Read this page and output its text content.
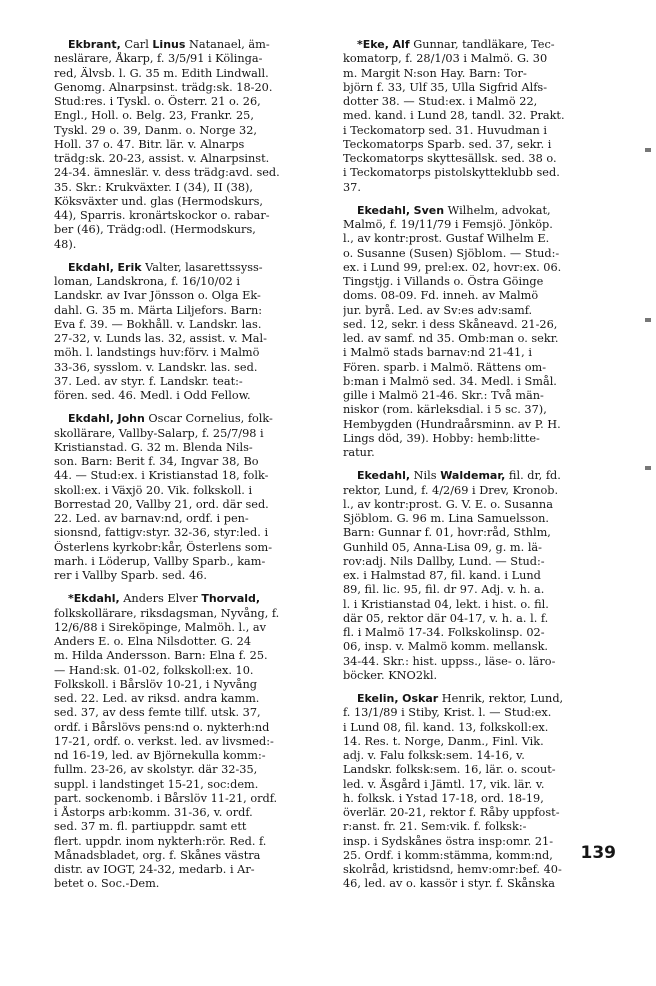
Ekbrant, Carl Linus Natanael, äm-
neslärare, Åkarp, f. 3/5/91 i Kölinga-
red, Älvsb. l. G. 35 m. Edith Lindwall.
Genomg. Alnarpsinst. trädg:sk. 18-20.
Stud:res. i Tyskl. o. Österr. 21 o. 26,
Engl., Holl. o. Belg. 23, Frankr. 25,
Tyskl. 29 o. 39, Danm. o. Norge 32,
Holl. 37 o. 47. Bitr. lär. v. Alnarps
trädg:sk. 20-23, assist. v. Alnarpsinst.
24-34. ämneslär. v. dess trädg:avd. sed.
35. Skr.: Krukväxter. I (34), II (38),
Köksväxter und. glas (Hermodskurs,
44), Sparris. kronärtskockor o. rabar-
ber (46), Trädg:odl. (Hermodskurs,
48).
Ekdahl, Erik Valter, lasarettssyss-
loman, Landskrona, f. 16/10/02 i
Landskr. av Ivar Jönsson o. Olga Ek-
dahl. G. 35 m. Märta Liljefors. Barn:
Eva f. 39. — Bokhåll. v. Landskr. las.
27-32, v. Lunds las. 32, assist. v. Mal-
möh. l. landstings huv:förv. i Malmö
33-36, sysslom. v. Landskr. las. sed.
37. Led. av styr. f. Landskr. teat:-
fören. sed. 46. Medl. i Odd Fellow.
Ekdahl, John Oscar Cornelius, folk-
skollärare, Vallby-Salarp, f. 25/7/98 i
Kristianstad. G. 32 m. Blenda Nils-
son. Barn: Berit f. 34, Ingvar 38, Bo
44. — Stud:ex. i Kristianstad 18, folk-
skoll:ex. i Växjö 20. Vik. folkskoll. i
Borrestad 20, Vallby 21, ord. där sed.
22. Led. av barnav:nd, ordf. i pen-
sionsnd, fattigv:styr. 32-36, styr:led. i
Österlens kyrkobr:kår, Österlens som-
marh. i Löderup, Vallby Sparb., kam-
rer i Vallby Sparb. sed. 46.
*Ekdahl, Anders Elver Thorvald,
folkskollärare, riksdagsman, Nyvång, f.
12/6/88 i Sireköpinge, Malmöh. l., av
Anders E. o. Elna Nilsdotter. G. 24
m. Hilda Andersson. Barn: Elna f. 25.
— Hand:sk. 01-02, folkskoll:ex. 10.
Folkskoll. i Bårslöv 10-21, i Nyvång
sed. 22. Led. av riksd. andra kamm.
sed. 37, av dess femte tillf. utsk. 37,
ordf. i Bårslövs pens:nd o. nykterh:nd
17-21, ordf. o. verkst. led. av livsmed:-
nd 16-19, led. av Björnekulla komm:-
fullm. 23-26, av skolstyr. där 32-35,
suppl. i landstinget 15-21, soc:dem.
part. sockenomb. i Bårslöv 11-21, ordf.
i Åstorps arb:komm. 31-36, v. ordf.
sed. 37 m. fl. partiuppdr. samt ett
flert. uppdr. inom nykterh:rör. Red. f.
Månadsbladet, org. f. Skånes västra
distr. av IOGT, 24-32, medarb. i Ar-
betet o. Soc.-Dem.
*Eke, Alf Gunnar, tandläkare, Tec-
komatorp, f. 28/1/03 i Malmö. G. 30
m. Margit N:son Hay. Barn: Tor-
björn f. 33, Ulf 35, Ulla Sigfrid Alfs-
dotter 38. — Stud:ex. i Malmö 22,
med. kand. i Lund 28, tandl. 32. Prakt.
i Teckomatorp sed. 31. Huvudman i
Teckomatorps Sparb. sed. 37, sekr. i
Teckomatorps skyttesällsk. sed. 38 o.
i Teckomatorps pistolskytteklubb sed.
37.
Ekedahl, Sven Wilhelm, advokat,
Malmö, f. 19/11/79 i Femsjö. Jönköp.
l., av kontr:prost. Gustaf Wilhelm E.
o. Susanne (Susen) Sjöblom. — Stud:-
ex. i Lund 99, prel:ex. 02, hovr:ex. 06.
Tingstjg. i Villands o. Östra Göinge
doms. 08-09. Fd. inneh. av Malmö
jur. byrå. Led. av Sv:es adv:samf.
sed. 12, sekr. i dess Skåneavd. 21-26,
led. av samf. nd 35. Omb:man o. sekr.
i Malmö stads barnav:nd 21-41, i
Fören. sparb. i Malmö. Rättens om-
b:man i Malmö sed. 34. Medl. i Smål.
gille i Malmö 21-46. Skr.: Två män-
niskor (rom. kärleksdial. i 5 sc. 37),
Hembygden (Hundraårsminn. av P. H.
Lings död, 39). Hobby: hemb:litte-
ratur.
Ekedahl, Nils Waldemar, fil. dr, fd.
rektor, Lund, f. 4/2/69 i Drev, Kronob.
l., av kontr:prost. G. V. E. o. Susanna
Sjöblom. G. 96 m. Lina Samuelsson.
Barn: Gunnar f. 01, hovr:råd, Sthlm,
Gunhild 05, Anna-Lisa 09, g. m. lä-
rov:adj. Nils Dallby, Lund. — Stud:-
ex. i Halmstad 87, fil. kand. i Lund
89, fil. lic. 95, fil. dr 97. Adj. v. h. a.
l. i Kristianstad 04, lekt. i hist. o. fil.
där 05, rektor där 04-17, v. h. a. l. f.
fl. i Malmö 17-34. Folkskolinsp. 02-
06, insp. v. Malmö komm. mellansk.
34-44. Skr.: hist. uppss., läse- o. läro-
böcker. KNO2kl.
Ekelin, Oskar Henrik, rektor, Lund,
f. 13/1/89 i Stiby, Krist. l. — Stud:ex.
i Lund 08, fil. kand. 13, folkskoll:ex.
14. Res. t. Norge, Danm., Finl. Vik.
adj. v. Falu folksk:sem. 14-16, v.
Landskr. folksk:sem. 16, lär. o. scout-
led. v. Åsgård i Jämtl. 17, vik. lär. v.
h. folksk. i Ystad 17-18, ord. 18-19,
överlär. 20-21, rektor f. Råby uppfost-
r:anst. fr. 21. Sem:vik. f. folksk:-
insp. i Sydskånes östra insp:omr. 21-
25. Ordf. i komm:stämma, komm:nd,
skolråd, kristidsnd, hemv:omr:bef. 40-
46, led. av o. kassör i styr. f. Skånska
139
